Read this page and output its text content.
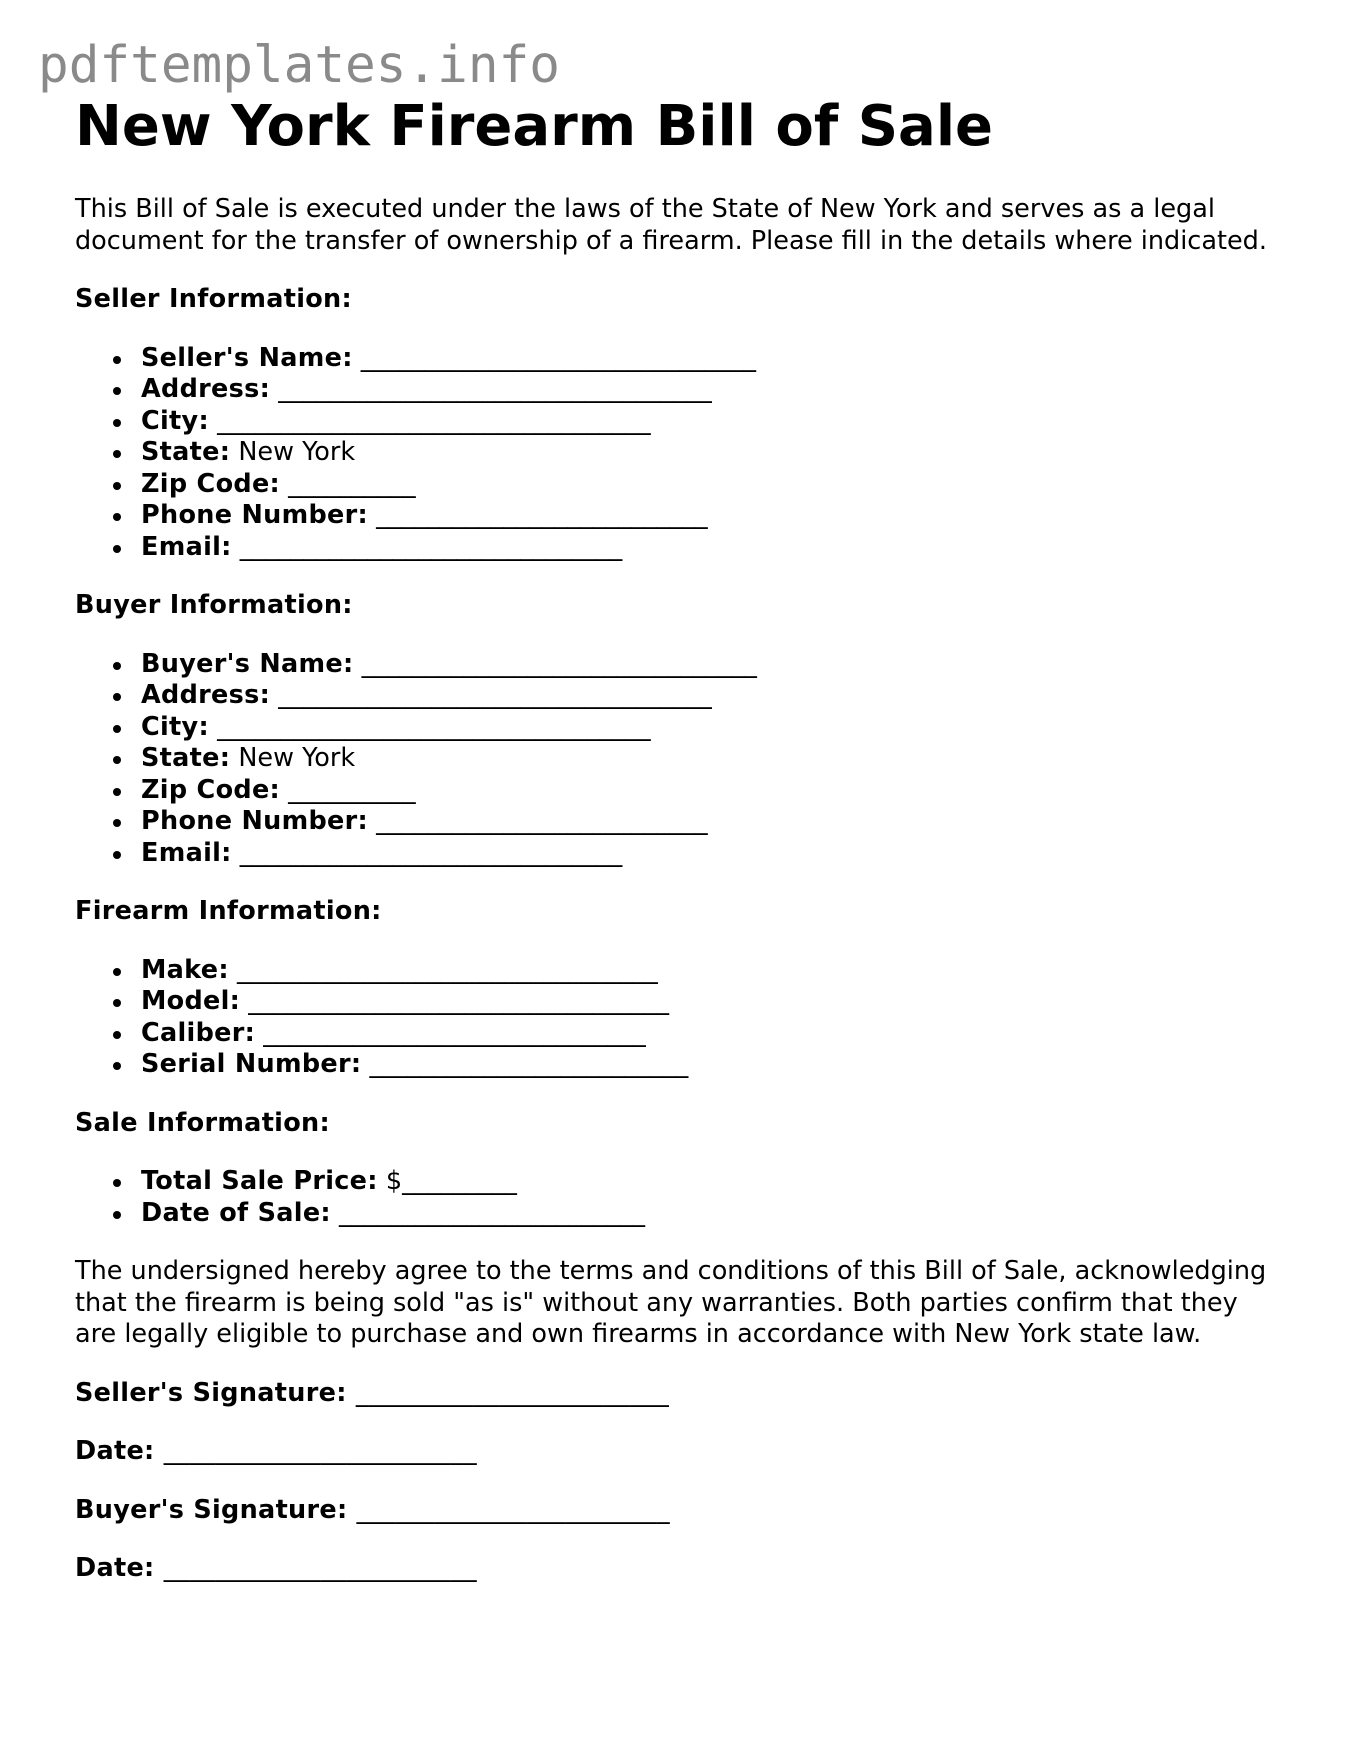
pdftemplates.info
New York Firearm Bill of Sale

This Bill of Sale is executed under the laws of the State of New York and serves as a legal document for the transfer of ownership of a firearm. Please fill in the details where indicated.

Seller Information:

Seller's Name: _______________________________
Address: __________________________________
City: __________________________________
State: New York
Zip Code: __________
Phone Number: __________________________
Email: ______________________________

Buyer Information:

Buyer's Name: _______________________________
Address: __________________________________
City: __________________________________
State: New York
Zip Code: __________
Phone Number: __________________________
Email: ______________________________

Firearm Information:

Make: _________________________________
Model: _________________________________
Caliber: ______________________________
Serial Number: _________________________

Sale Information:

Total Sale Price: $_________
Date of Sale: ________________________

The undersigned hereby agree to the terms and conditions of this Bill of Sale, acknowledging that the firearm is being sold "as is" without any warranties. Both parties confirm that they are legally eligible to purchase and own firearms in accordance with New York state law.

Seller's Signature: ________________________

Date: ________________________

Buyer's Signature: ________________________

Date: ________________________
